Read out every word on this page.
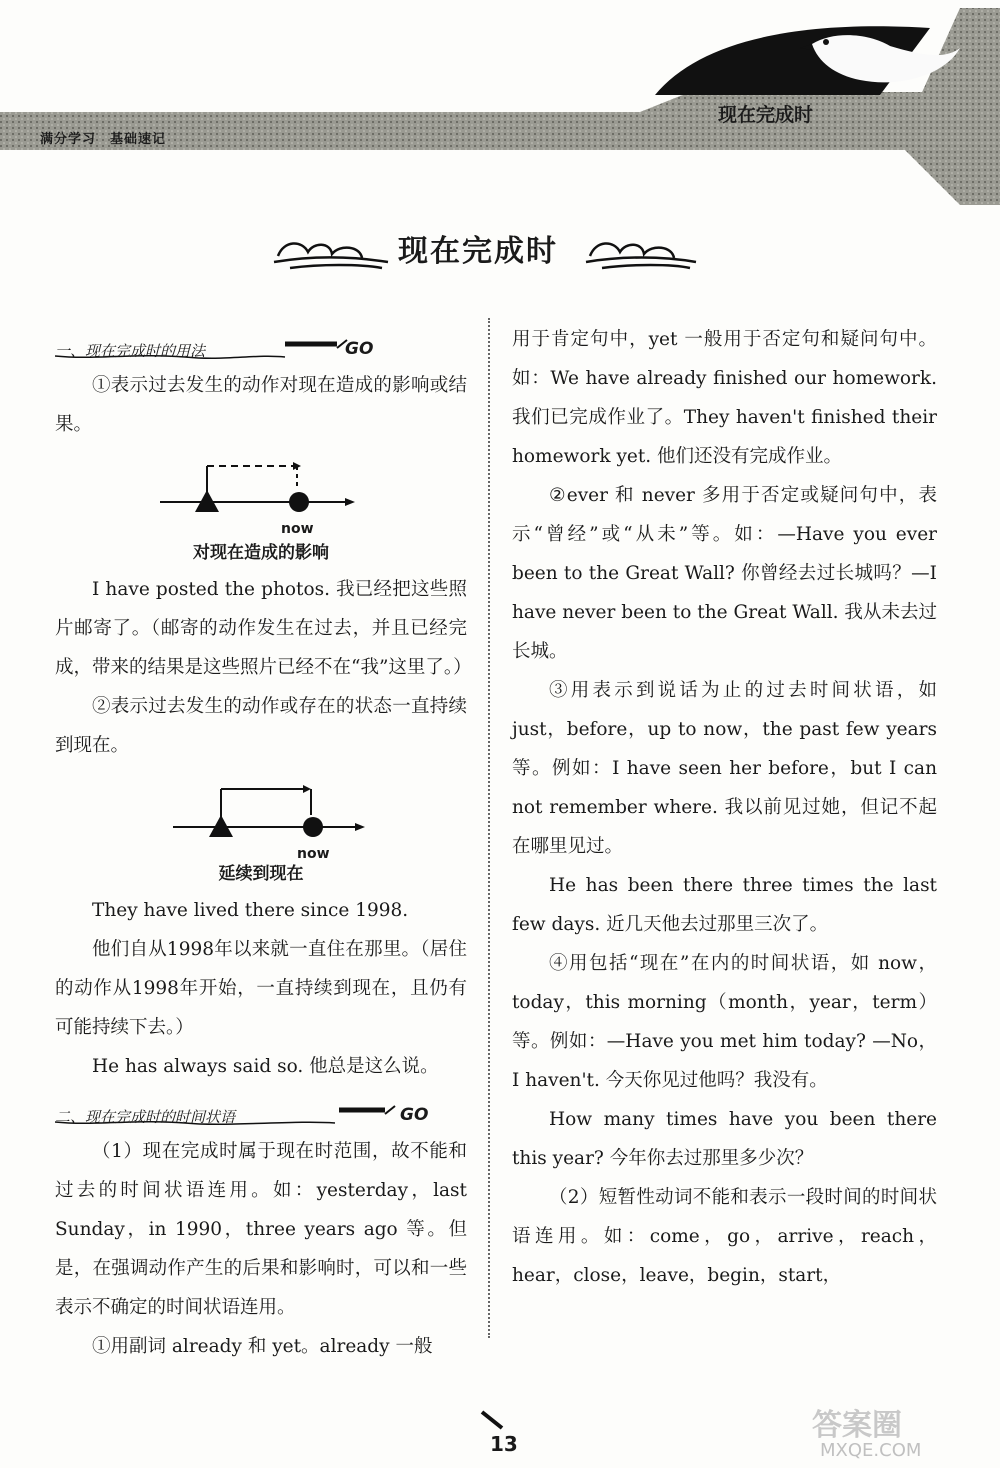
满分学习　基础速记
现在完成时
现在完成时
一、现在完成时的用法	GO

①表示过去发生的动作对现在造成的影响或结果。

now
对现在造成的影响

I have posted the photos. 我已经把这些照片邮寄了。（邮寄的动作发生在过去，并且已经完成，带来的结果是这些照片已经不在“我”这里了。）

②表示过去发生的动作或存在的状态一直持续到现在。

now
延续到现在

They have lived there since 1998.

他们自从1998年以来就一直住在那里。（居住的动作从1998年开始，一直持续到现在，且仍有可能持续下去。）

He has always said so. 他总是这么说。

二、现在完成时的时间状语	GO

（1）现在完成时属于现在时范围，故不能和过去的时间状语连用。如：yesterday，last Sunday，in 1990，three years ago 等。但是，在强调动作产生的后果和影响时，可以和一些表示不确定的时间状语连用。

①用副词 already 和 yet。already 一般

用于肯定句中，yet 一般用于否定句和疑问句中。如：We have already finished our homework. 我们已完成作业了。They haven't finished their homework yet. 他们还没有完成作业。

②ever 和 never 多用于否定或疑问句中，表示“曾经”或“从未”等。如：—Have you ever been to the Great Wall? 你曾经去过长城吗？—I have never been to the Great Wall. 我从未去过长城。

③用表示到说话为止的过去时间状语，如 just，before，up to now，the past few years 等。例如：I have seen her before，but I can not remember where. 我以前见过她，但记不起在哪里见过。

He has been there three times the last few days. 近几天他去过那里三次了。

④用包括“现在”在内的时间状语，如 now，today，this morning（month，year，term）等。例如：—Have you met him today? —No，I haven't. 今天你见过他吗？我没有。

How many times have you been there this year? 今年你去过那里多少次？

（2）短暂性动词不能和表示一段时间的时间状语连用。如：come，go，arrive，reach，hear，close，leave，begin，start，

13
答案圈
MXQE.COM
